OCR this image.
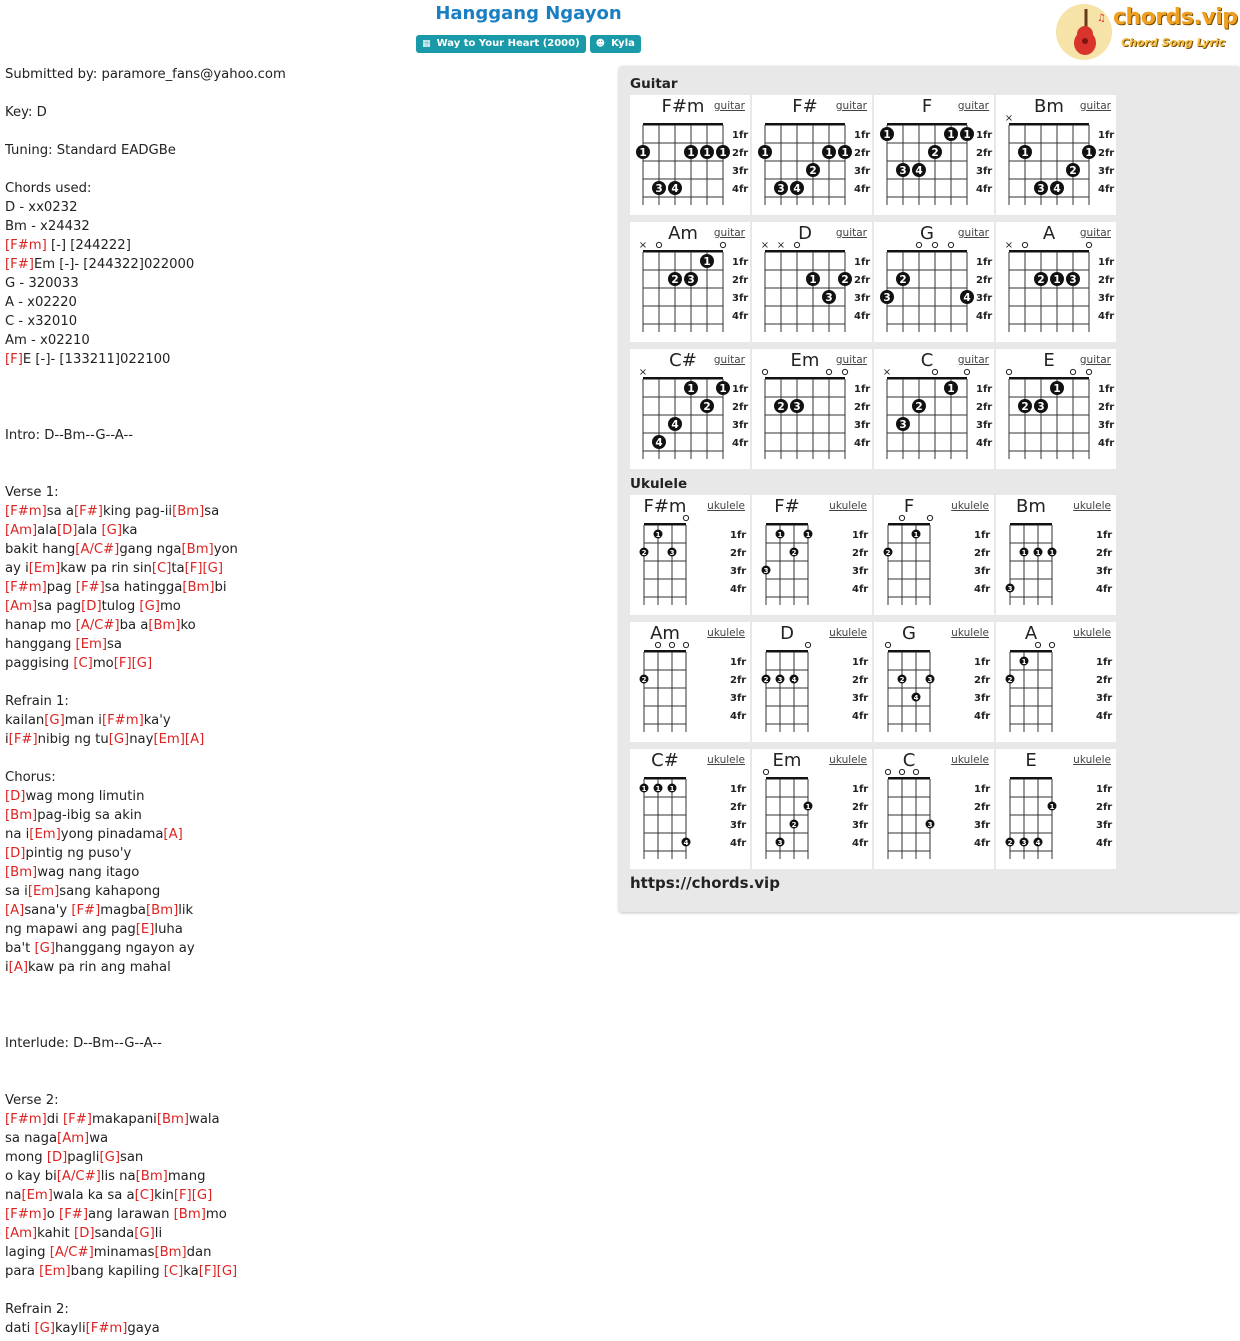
Hanggang Ngayon
▦ Way to Your Heart (2000) ☻ Kyla
♫ chords.vip
Chord Song Lyric
Submitted by: paramore_fans@yahoo.com
Key: D
Tuning: Standard EADGBe
Chords used:
D - xx0232
Bm - x24432
[F#m] [-] [244222]
[F#]Em [-]- [244322]022000
G - 320033
A - x02220
C - x32010
Am - x02210
[F]E [-]- [133211]022100
Intro: D--Bm--G--A--
Verse 1:
[F#m]sa a[F#]king pag-ii[Bm]sa
[Am]ala[D]ala [G]ka
bakit hang[A/C#]gang nga[Bm]yon
ay i[Em]kaw pa rin sin[C]ta[F][G]
[F#m]pag [F#]sa hatingga[Bm]bi
[Am]sa pag[D]tulog [G]mo
hanap mo [A/C#]ba a[Bm]ko
hanggang [Em]sa
paggising [C]mo[F][G]
Refrain 1:
kailan[G]man i[F#m]ka'y
i[F#]nibig ng tu[G]nay[Em][A]
Chorus:
[D]wag mong limutin
[Bm]pag-ibig sa akin
na i[Em]yong pinadama[A]
[D]pintig ng puso'y
[Bm]wag nang itago
sa i[Em]sang kahapong
[A]sana'y [F#]magba[Bm]lik
ng mapawi ang pag[E]luha
ba't [G]hanggang ngayon ay
i[A]kaw pa rin ang mahal
Interlude: D--Bm--G--A--
Verse 2:
[F#m]di [F#]makapani[Bm]wala
sa naga[Am]wa
mong [D]pagli[G]san
o kay bi[A/C#]lis na[Bm]mang
na[Em]wala ka sa a[C]kin[F][G]
[F#m]o [F#]ang larawan [Bm]mo
[Am]kahit [D]sanda[G]li
laging [A/C#]minamas[Bm]dan
para [Em]bang kapiling [C]ka[F][G]
Refrain 2:
dati [G]kayli[F#m]gaya
Guitar
1	1 1 1
3 4
1fr
2fr
3fr
4fr
F#m guitar
1	1 1
2
3 4
1fr
2fr
3fr
4fr
F#	guitar
1	1 1
2
3 4
1fr
2fr
3fr
4fr
F	guitar
×
1	1
2
3 4
1fr
2fr
3fr
4fr
Bm	guitar
×
1
2 3
1fr
2fr
3fr
4fr
Am	guitar
× ×
1 2
3
1fr
2fr
3fr
4fr
D	guitar
2
3	4
1fr
2fr
3fr
4fr
G	guitar
×
2 1 3
1fr
2fr
3fr
4fr
A	guitar
×
1 1
2
4
4
1fr
2fr
3fr
4fr
C#	guitar
2 3
1fr
2fr
3fr
4fr
Em	guitar
×
1
2
3
1fr
2fr
3fr
4fr
C	guitar
1
2 3
1fr
2fr
3fr
4fr
E	guitar
Ukulele
1
2	3
1fr
2fr
3fr
4fr
F#m	ukulele
1	1
2
3
1fr
2fr
3fr
4fr
F#	ukulele
1
2
1fr
2fr
3fr
4fr
F	ukulele
1 1 1
3
1fr
2fr
3fr
4fr
Bm	ukulele
2
1fr
2fr
3fr
4fr
Am	ukulele
2 3 4
1fr
2fr
3fr
4fr
D	ukulele
2	3
4
1fr
2fr
3fr
4fr
G	ukulele
1
2
1fr
2fr
3fr
4fr
A	ukulele
1 1 1
4
1fr
2fr
3fr
4fr
C#	ukulele
1
2
3
1fr
2fr
3fr
4fr
Em	ukulele
3
1fr
2fr
3fr
4fr
C	ukulele
1
2 3 4
1fr
2fr
3fr
4fr
E	ukulele
https://chords.vip
